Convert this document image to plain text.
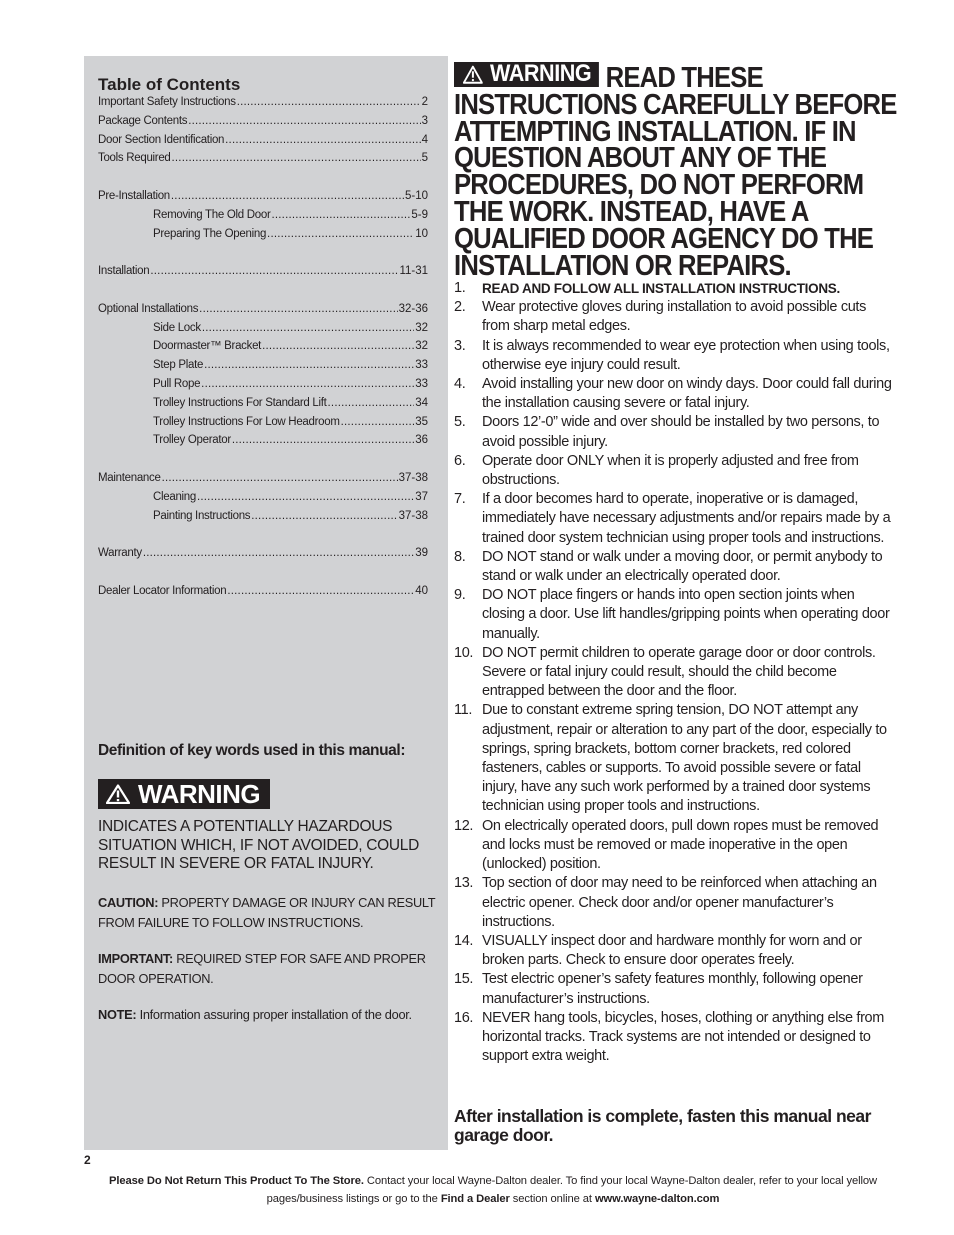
Table of Contents
Important Safety Instructions .....	2
Package Contents .....	3
Door Section Identification .....	4
Tools Required .....	5
Pre-Installation .....	5-10
Removing The Old Door .....	5-9
Preparing The Opening .....	10
Installation .....	11-31
Optional Installations .....	32-36
Side Lock .....	32
Doormaster™ Bracket .....	32
Step Plate .....	33
Pull Rope .....	33
Trolley Instructions For Standard Lift .....	34
Trolley Instructions For Low Headroom .....	35
Trolley Operator .....	36
Maintenance .....	37-38
Cleaning .....	37
Painting Instructions .....	37-38
Warranty .....	39
Dealer Locator Information .....	40
Definition of key words used in this manual:
WARNING
INDICATES A POTENTIALLY HAZARDOUS SITUATION WHICH, IF NOT AVOIDED, COULD RESULT IN SEVERE OR FATAL INJURY.
CAUTION: PROPERTY DAMAGE OR INJURY CAN RESULT FROM FAILURE TO FOLLOW INSTRUCTIONS.
IMPORTANT: REQUIRED STEP FOR SAFE AND PROPER DOOR OPERATION.
NOTE: Information assuring proper installation of the door.
WARNING READ THESE INSTRUCTIONS CAREFULLY BEFORE ATTEMPTING INSTALLATION. IF IN QUESTION ABOUT ANY OF THE PROCEDURES, DO NOT PERFORM THE WORK. INSTEAD, HAVE A QUALIFIED DOOR AGENCY DO THE INSTALLATION OR REPAIRS.
1.	READ AND FOLLOW ALL INSTALLATION INSTRUCTIONS.
2.	Wear protective gloves during installation to avoid possible cuts from sharp metal edges.
3.	It is always recommended to wear eye protection when using tools, otherwise eye injury could result.
4.	Avoid installing your new door on windy days. Door could fall during the installation causing severe or fatal injury.
5.	Doors 12’-0” wide and over should be installed by two persons, to avoid possible injury.
6.	Operate door ONLY when it is properly adjusted and free from obstructions.
7.	If a door becomes hard to operate, inoperative or is damaged, immediately have necessary adjustments and/or repairs made by a trained door system technician using proper tools and instructions.
8.	DO NOT stand or walk under a moving door, or permit anybody to stand or walk under an electrically operated door.
9.	DO NOT place fingers or hands into open section joints when closing a door. Use lift handles/gripping points when operating door manually.
10. DO NOT permit children to operate garage door or door controls. Severe or fatal injury could result, should the child become entrapped between the door and the floor.
11. Due to constant extreme spring tension, DO NOT attempt any adjustment, repair or alteration to any part of the door, especially to springs, spring brackets, bottom corner brackets, red colored fasteners, cables or supports. To avoid possible severe or fatal injury, have any such work performed by a trained door systems technician using proper tools and instructions.
12. On electrically operated doors, pull down ropes must be removed and locks must be removed or made inoperative in the open (unlocked) position.
13. Top section of door may need to be reinforced when attaching an electric opener. Check door and/or opener manufacturer’s instructions.
14. VISUALLY inspect door and hardware monthly for worn and or broken parts. Check to ensure door operates freely.
15. Test electric opener’s safety features monthly, following opener manufacturer’s instructions.
16. NEVER hang tools, bicycles, hoses, clothing or anything else from horizontal tracks. Track systems are not intended or designed to support extra weight.
After installation is complete, fasten this manual near garage door.
2
Please Do Not Return This Product To The Store. Contact your local Wayne-Dalton dealer. To find your local Wayne-Dalton dealer, refer to your local yellow pages/business listings or go to the Find a Dealer section online at www.wayne-dalton.com
